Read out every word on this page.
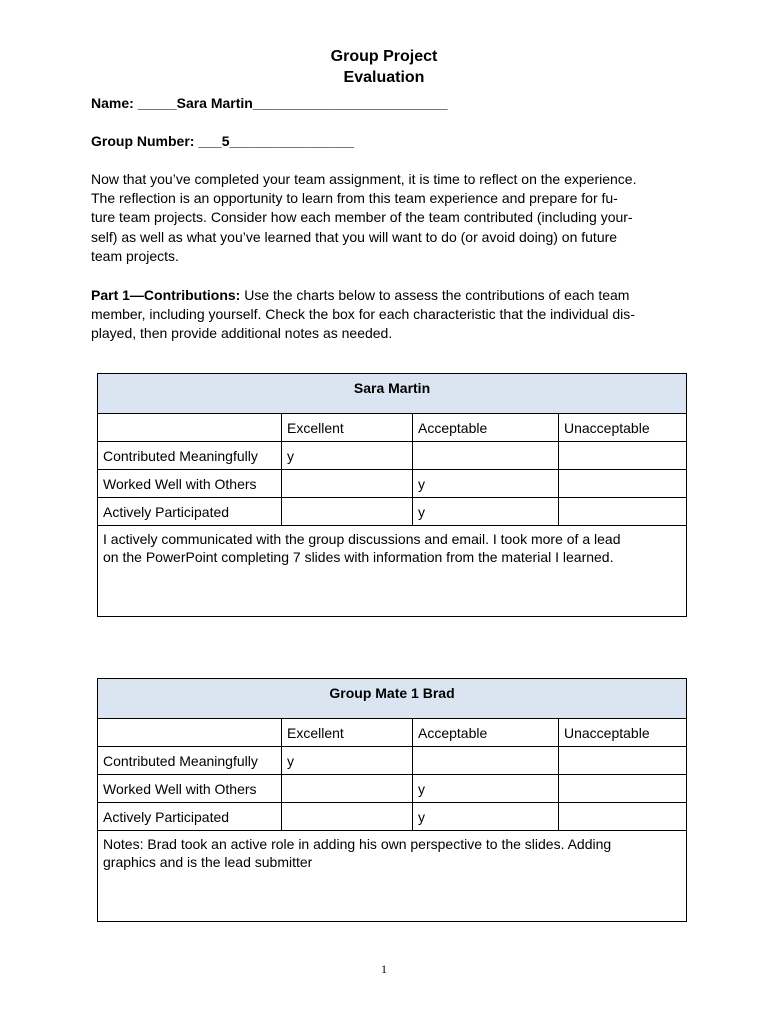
Group Project
Evaluation
Name: _____Sara Martin_________________________
Group Number: ___5________________
Now that you’ve completed your team assignment, it is time to reflect on the experience.
The reflection is an opportunity to learn from this team experience and prepare for fu-
ture team projects. Consider how each member of the team contributed (including your-
self) as well as what you’ve learned that you will want to do (or avoid doing) on future
team projects.
Part 1—Contributions: Use the charts below to assess the contributions of each team
member, including yourself. Check the box for each characteristic that the individual dis-
played, then provide additional notes as needed.
Sara Martin			
	Excellent	Acceptable	Unacceptable
Contributed Meaningfully	y		
Worked Well with Others		y	
Actively Participated		y	

I actively communicated with the group discussions and email. I took more of a lead
on the PowerPoint completing 7 slides with information from the material I learned.			
Group Mate 1 Brad			
	Excellent	Acceptable	Unacceptable
Contributed Meaningfully	y		
Worked Well with Others		y	
Actively Participated		y	

Notes: Brad took an active role in adding his own perspective to the slides. Adding
graphics and is the lead submitter			
1
